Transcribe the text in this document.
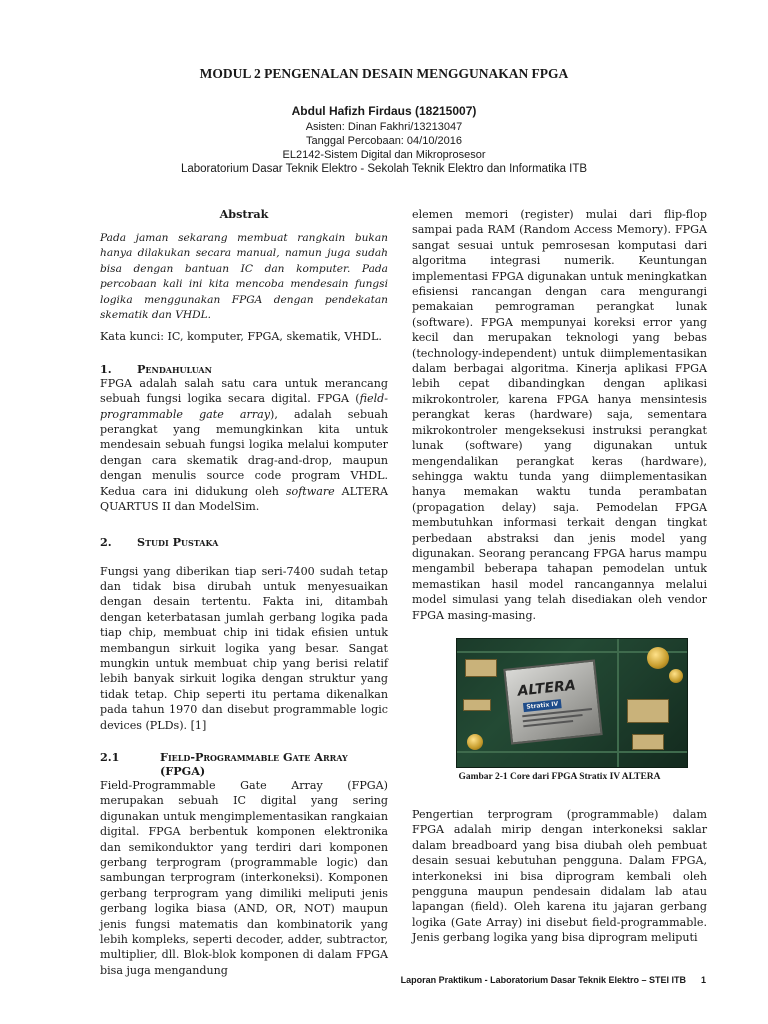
MODUL 2 PENGENALAN DESAIN MENGGUNAKAN FPGA
Abdul Hafizh Firdaus (18215007)
Asisten: Dinan Fakhri/13213047
Tanggal Percobaan: 04/10/2016
EL2142-Sistem Digital dan Mikroprosesor
Laboratorium Dasar Teknik Elektro - Sekolah Teknik Elektro dan Informatika ITB
Abstrak

Pada jaman sekarang membuat rangkain bukan hanya dilakukan secara manual, namun juga sudah bisa dengan bantuan IC dan komputer. Pada percobaan kali ini kita mencoba mendesain fungsi logika menggunakan FPGA dengan pendekatan skematik dan VHDL.

Kata kunci: IC, komputer, FPGA, skematik, VHDL.

1.	Pendahuluan

FPGA adalah salah satu cara untuk merancang sebuah fungsi logika secara digital. FPGA (field-programmable gate array), adalah sebuah perangkat yang memungkinkan kita untuk mendesain sebuah fungsi logika melalui komputer dengan cara skematik drag-and-drop, maupun dengan menulis source code program VHDL. Kedua cara ini didukung oleh software ALTERA QUARTUS II dan ModelSim.

2.	Studi Pustaka

Fungsi yang diberikan tiap seri-7400 sudah tetap dan tidak bisa dirubah untuk menyesuaikan dengan desain tertentu. Fakta ini, ditambah dengan keterbatasan jumlah gerbang logika pada tiap chip, membuat chip ini tidak efisien untuk membangun sirkuit logika yang besar. Sangat mungkin untuk membuat chip yang berisi relatif lebih banyak sirkuit logika dengan struktur yang tidak tetap. Chip seperti itu pertama dikenalkan pada tahun 1970 dan disebut programmable logic devices (PLDs). [1]

2.1	Field-Programmable Gate Array
(FPGA)

Field-Programmable Gate Array (FPGA) merupakan sebuah IC digital yang sering digunakan untuk mengimplementasikan rangkaian digital. FPGA berbentuk komponen elektronika dan semikonduktor yang terdiri dari komponen gerbang terprogram (programmable logic) dan sambungan terprogram (interkoneksi). Komponen gerbang terprogram yang dimiliki meliputi jenis gerbang logika biasa (AND, OR, NOT) maupun jenis fungsi matematis dan kombinatorik yang lebih kompleks, seperti decoder, adder, subtractor, multiplier, dll. Blok-blok komponen di dalam FPGA bisa juga mengandung

elemen memori (register) mulai dari flip-flop sampai pada RAM (Random Access Memory). FPGA sangat sesuai untuk pemrosesan komputasi dari algoritma integrasi numerik. Keuntungan implementasi FPGA digunakan untuk meningkatkan efisiensi rancangan dengan cara mengurangi pemakaian pemrograman perangkat lunak (software). FPGA mempunyai koreksi error yang kecil dan merupakan teknologi yang bebas (technology-independent) untuk diimplementasikan dalam berbagai algoritma. Kinerja aplikasi FPGA lebih cepat dibandingkan dengan aplikasi mikrokontroler, karena FPGA hanya mensintesis perangkat keras (hardware) saja, sementara mikrokontroler mengeksekusi instruksi perangkat lunak (software) yang digunakan untuk mengendalikan perangkat keras (hardware), sehingga waktu tunda yang diimplementasikan hanya memakan waktu tunda perambatan (propagation delay) saja. Pemodelan FPGA membutuhkan informasi terkait dengan tingkat perbedaan abstraksi dan jenis model yang digunakan. Seorang perancang FPGA harus mampu mengambil beberapa tahapan pemodelan untuk memastikan hasil model rancangannya melalui model simulasi yang telah disediakan oleh vendor FPGA masing-masing.

ALTERA
Stratix IV
Gambar 2-1 Core dari FPGA Stratix IV ALTERA

Pengertian terprogram (programmable) dalam FPGA adalah mirip dengan interkoneksi saklar dalam breadboard yang bisa diubah oleh pembuat desain sesuai kebutuhan pengguna. Dalam FPGA, interkoneksi ini bisa diprogram kembali oleh pengguna maupun pendesain didalam lab atau lapangan (field). Oleh karena itu jajaran gerbang logika (Gate Array) ini disebut field-programmable. Jenis gerbang logika yang bisa diprogram meliputi

Laporan Praktikum - Laboratorium Dasar Teknik Elektro – STEI ITB 1
